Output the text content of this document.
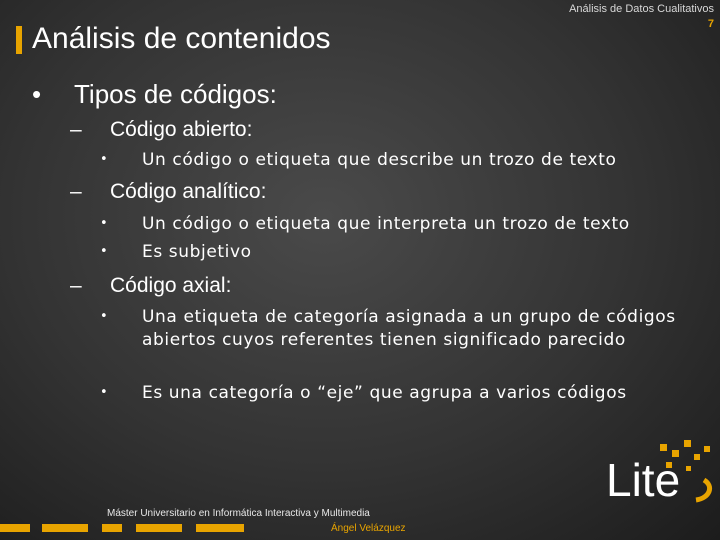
Análisis de Datos Cualitativos
7
Análisis de contenidos
• Tipos de códigos:
– Código abierto:
• Un código o etiqueta que describe un trozo de texto
– Código analítico:
• Un código o etiqueta que interpreta un trozo de texto
• Es subjetivo
– Código axial:
• Una etiqueta de categoría asignada a un grupo de códigos abiertos cuyos referentes tienen significado parecido
• Es una categoría o “eje” que agrupa a varios códigos
Máster Universitario en Informática Interactiva y Multimedia
Ángel Velázquez
Lite
